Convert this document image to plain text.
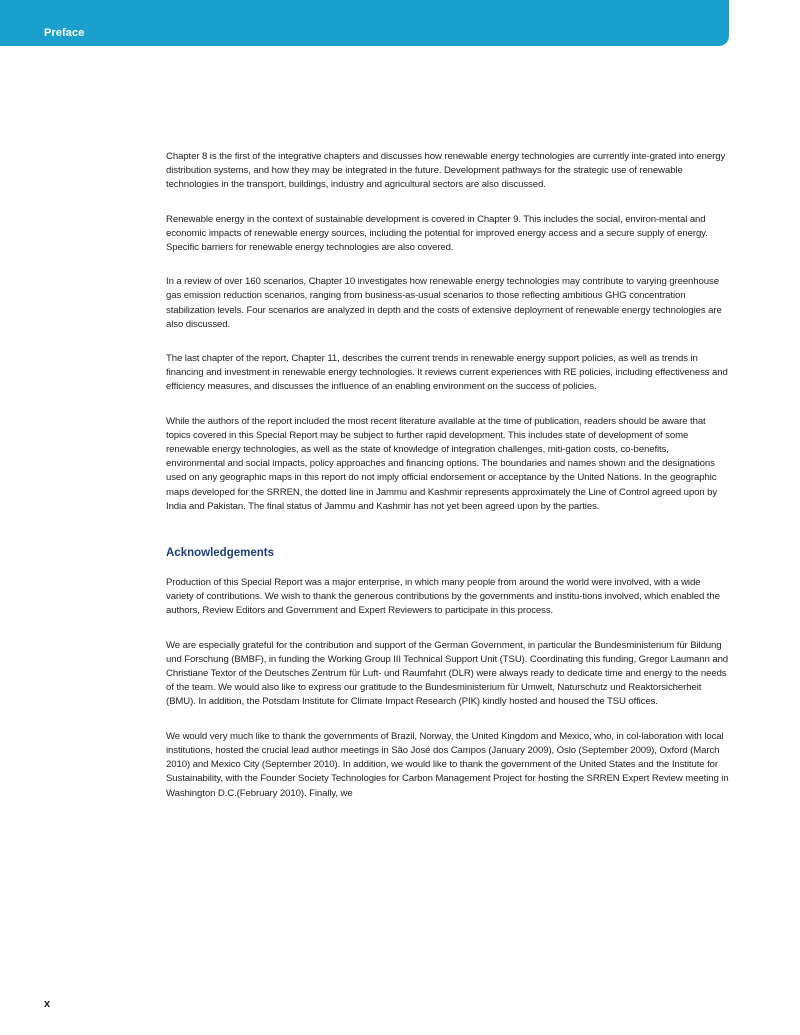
Preface

Chapter 8 is the first of the integrative chapters and discusses how renewable energy technologies are currently inte-grated into energy distribution systems, and how they may be integrated in the future. Development pathways for the strategic use of renewable technologies in the transport, buildings, industry and agricultural sectors are also discussed.

Renewable energy in the context of sustainable development is covered in Chapter 9. This includes the social, environ-mental and economic impacts of renewable energy sources, including the potential for improved energy access and a secure supply of energy. Specific barriers for renewable energy technologies are also covered.

In a review of over 160 scenarios, Chapter 10 investigates how renewable energy technologies may contribute to varying greenhouse gas emission reduction scenarios, ranging from business-as-usual scenarios to those reflecting ambitious GHG concentration stabilization levels. Four scenarios are analyzed in depth and the costs of extensive deployment of renewable energy technologies are also discussed.

The last chapter of the report, Chapter 11, describes the current trends in renewable energy support policies, as well as trends in financing and investment in renewable energy technologies. It reviews current experiences with RE policies, including effectiveness and efficiency measures, and discusses the influence of an enabling environment on the success of policies.

While the authors of the report included the most recent literature available at the time of publication, readers should be aware that topics covered in this Special Report may be subject to further rapid development. This includes state of development of some renewable energy technologies, as well as the state of knowledge of integration challenges, miti-gation costs, co-benefits, environmental and social impacts, policy approaches and financing options. The boundaries and names shown and the designations used on any geographic maps in this report do not imply official endorsement or acceptance by the United Nations. In the geographic maps developed for the SRREN, the dotted line in Jammu and Kashmir represents approximately the Line of Control agreed upon by India and Pakistan. The final status of Jammu and Kashmir has not yet been agreed upon by the parties.

Acknowledgements

Production of this Special Report was a major enterprise, in which many people from around the world were involved, with a wide variety of contributions. We wish to thank the generous contributions by the governments and institu-tions involved, which enabled the authors, Review Editors and Government and Expert Reviewers to participate in this process.

We are especially grateful for the contribution and support of the German Government, in particular the Bundesministerium für Bildung und Forschung (BMBF), in funding the Working Group III Technical Support Unit (TSU). Coordinating this funding, Gregor Laumann and Christiane Textor of the Deutsches Zentrum für Luft- und Raumfahrt (DLR) were always ready to dedicate time and energy to the needs of the team. We would also like to express our gratitude to the Bundesministerium für Umwelt, Naturschutz und Reaktorsicherheit (BMU). In addition, the Potsdam Institute for Climate Impact Research (PIK) kindly hosted and housed the TSU offices.

We would very much like to thank the governments of Brazil, Norway, the United Kingdom and Mexico, who, in col-laboration with local institutions, hosted the crucial lead author meetings in São José dos Campos (January 2009), Oslo (September 2009), Oxford (March 2010) and Mexico City (September 2010). In addition, we would like to thank the government of the United States and the Institute for Sustainability, with the Founder Society Technologies for Carbon Management Project for hosting the SRREN Expert Review meeting in Washington D.C.(February 2010). Finally, we

x
